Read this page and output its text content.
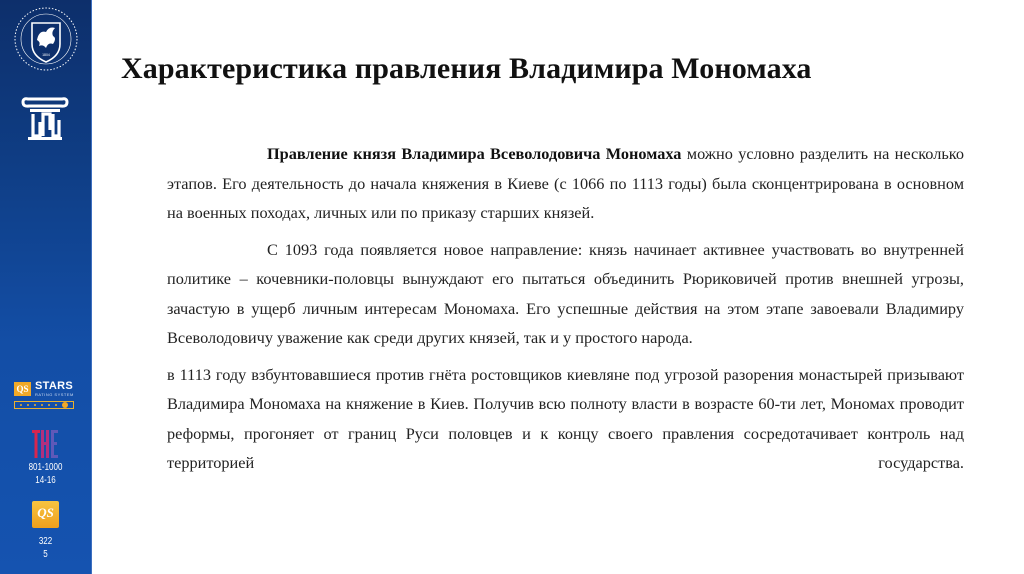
1804
QS STARS
RATING SYSTEM
801-1000
14-16
QS
322
5
Характеристика правления Владимира Мономаха

Правление князя Владимира Всеволодовича Мономаха можно условно разделить на несколько этапов. Его деятельность до начала княжения в Киеве (с 1066 по 1113 годы) была сконцентрирована в основном на военных походах, личных или по приказу старших князей.

С 1093 года появляется новое направление: князь начинает активнее участвовать во внутренней политике – кочевники-половцы вынуждают его пытаться объединить Рюриковичей против внешней угрозы, зачастую в ущерб личным интересам Мономаха. Его успешные действия на этом этапе завоевали Владимиру Всеволодовичу уважение как среди других князей, так и у простого народа.

в 1113 году взбунтовавшиеся против гнёта ростовщиков киевляне под угрозой разорения монастырей призывают Владимира Мономаха на княжение в Киев. Получив всю полноту власти в возрасте 60-ти лет, Мономах проводит реформы, прогоняет от границ Руси половцев и к концу своего правления сосредотачивает контроль над территорией государства.
